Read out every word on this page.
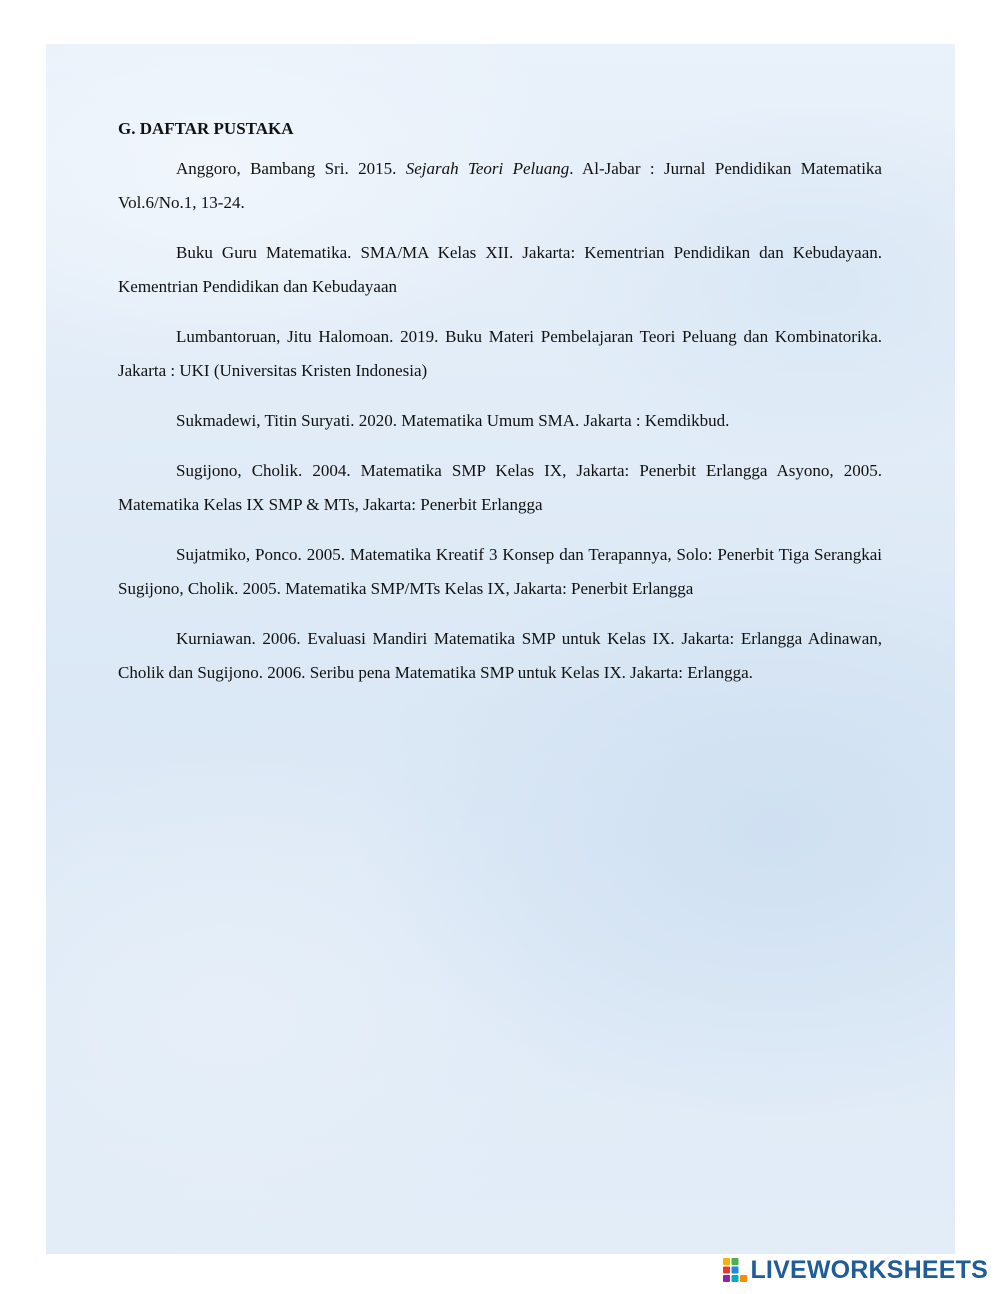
G. DAFTAR PUSTAKA

Anggoro, Bambang Sri. 2015. Sejarah Teori Peluang. Al-Jabar : Jurnal Pendidikan Matematika Vol.6/No.1, 13-24.

Buku Guru Matematika. SMA/MA Kelas XII. Jakarta: Kementrian Pendidikan dan Kebudayaan. Kementrian Pendidikan dan Kebudayaan

Lumbantoruan, Jitu Halomoan. 2019. Buku Materi Pembelajaran Teori Peluang dan Kombinatorika. Jakarta : UKI (Universitas Kristen Indonesia)

Sukmadewi, Titin Suryati. 2020. Matematika Umum SMA. Jakarta : Kemdikbud.

Sugijono, Cholik. 2004. Matematika SMP Kelas IX, Jakarta: Penerbit Erlangga Asyono, 2005. Matematika Kelas IX SMP & MTs, Jakarta: Penerbit Erlangga

Sujatmiko, Ponco. 2005. Matematika Kreatif 3 Konsep dan Terapannya, Solo: Penerbit Tiga Serangkai Sugijono, Cholik. 2005. Matematika SMP/MTs Kelas IX, Jakarta: Penerbit Erlangga

Kurniawan. 2006. Evaluasi Mandiri Matematika SMP untuk Kelas IX. Jakarta: Erlangga Adinawan, Cholik dan Sugijono. 2006. Seribu pena Matematika SMP untuk Kelas IX. Jakarta: Erlangga.

LIVEWORKSHEETS
